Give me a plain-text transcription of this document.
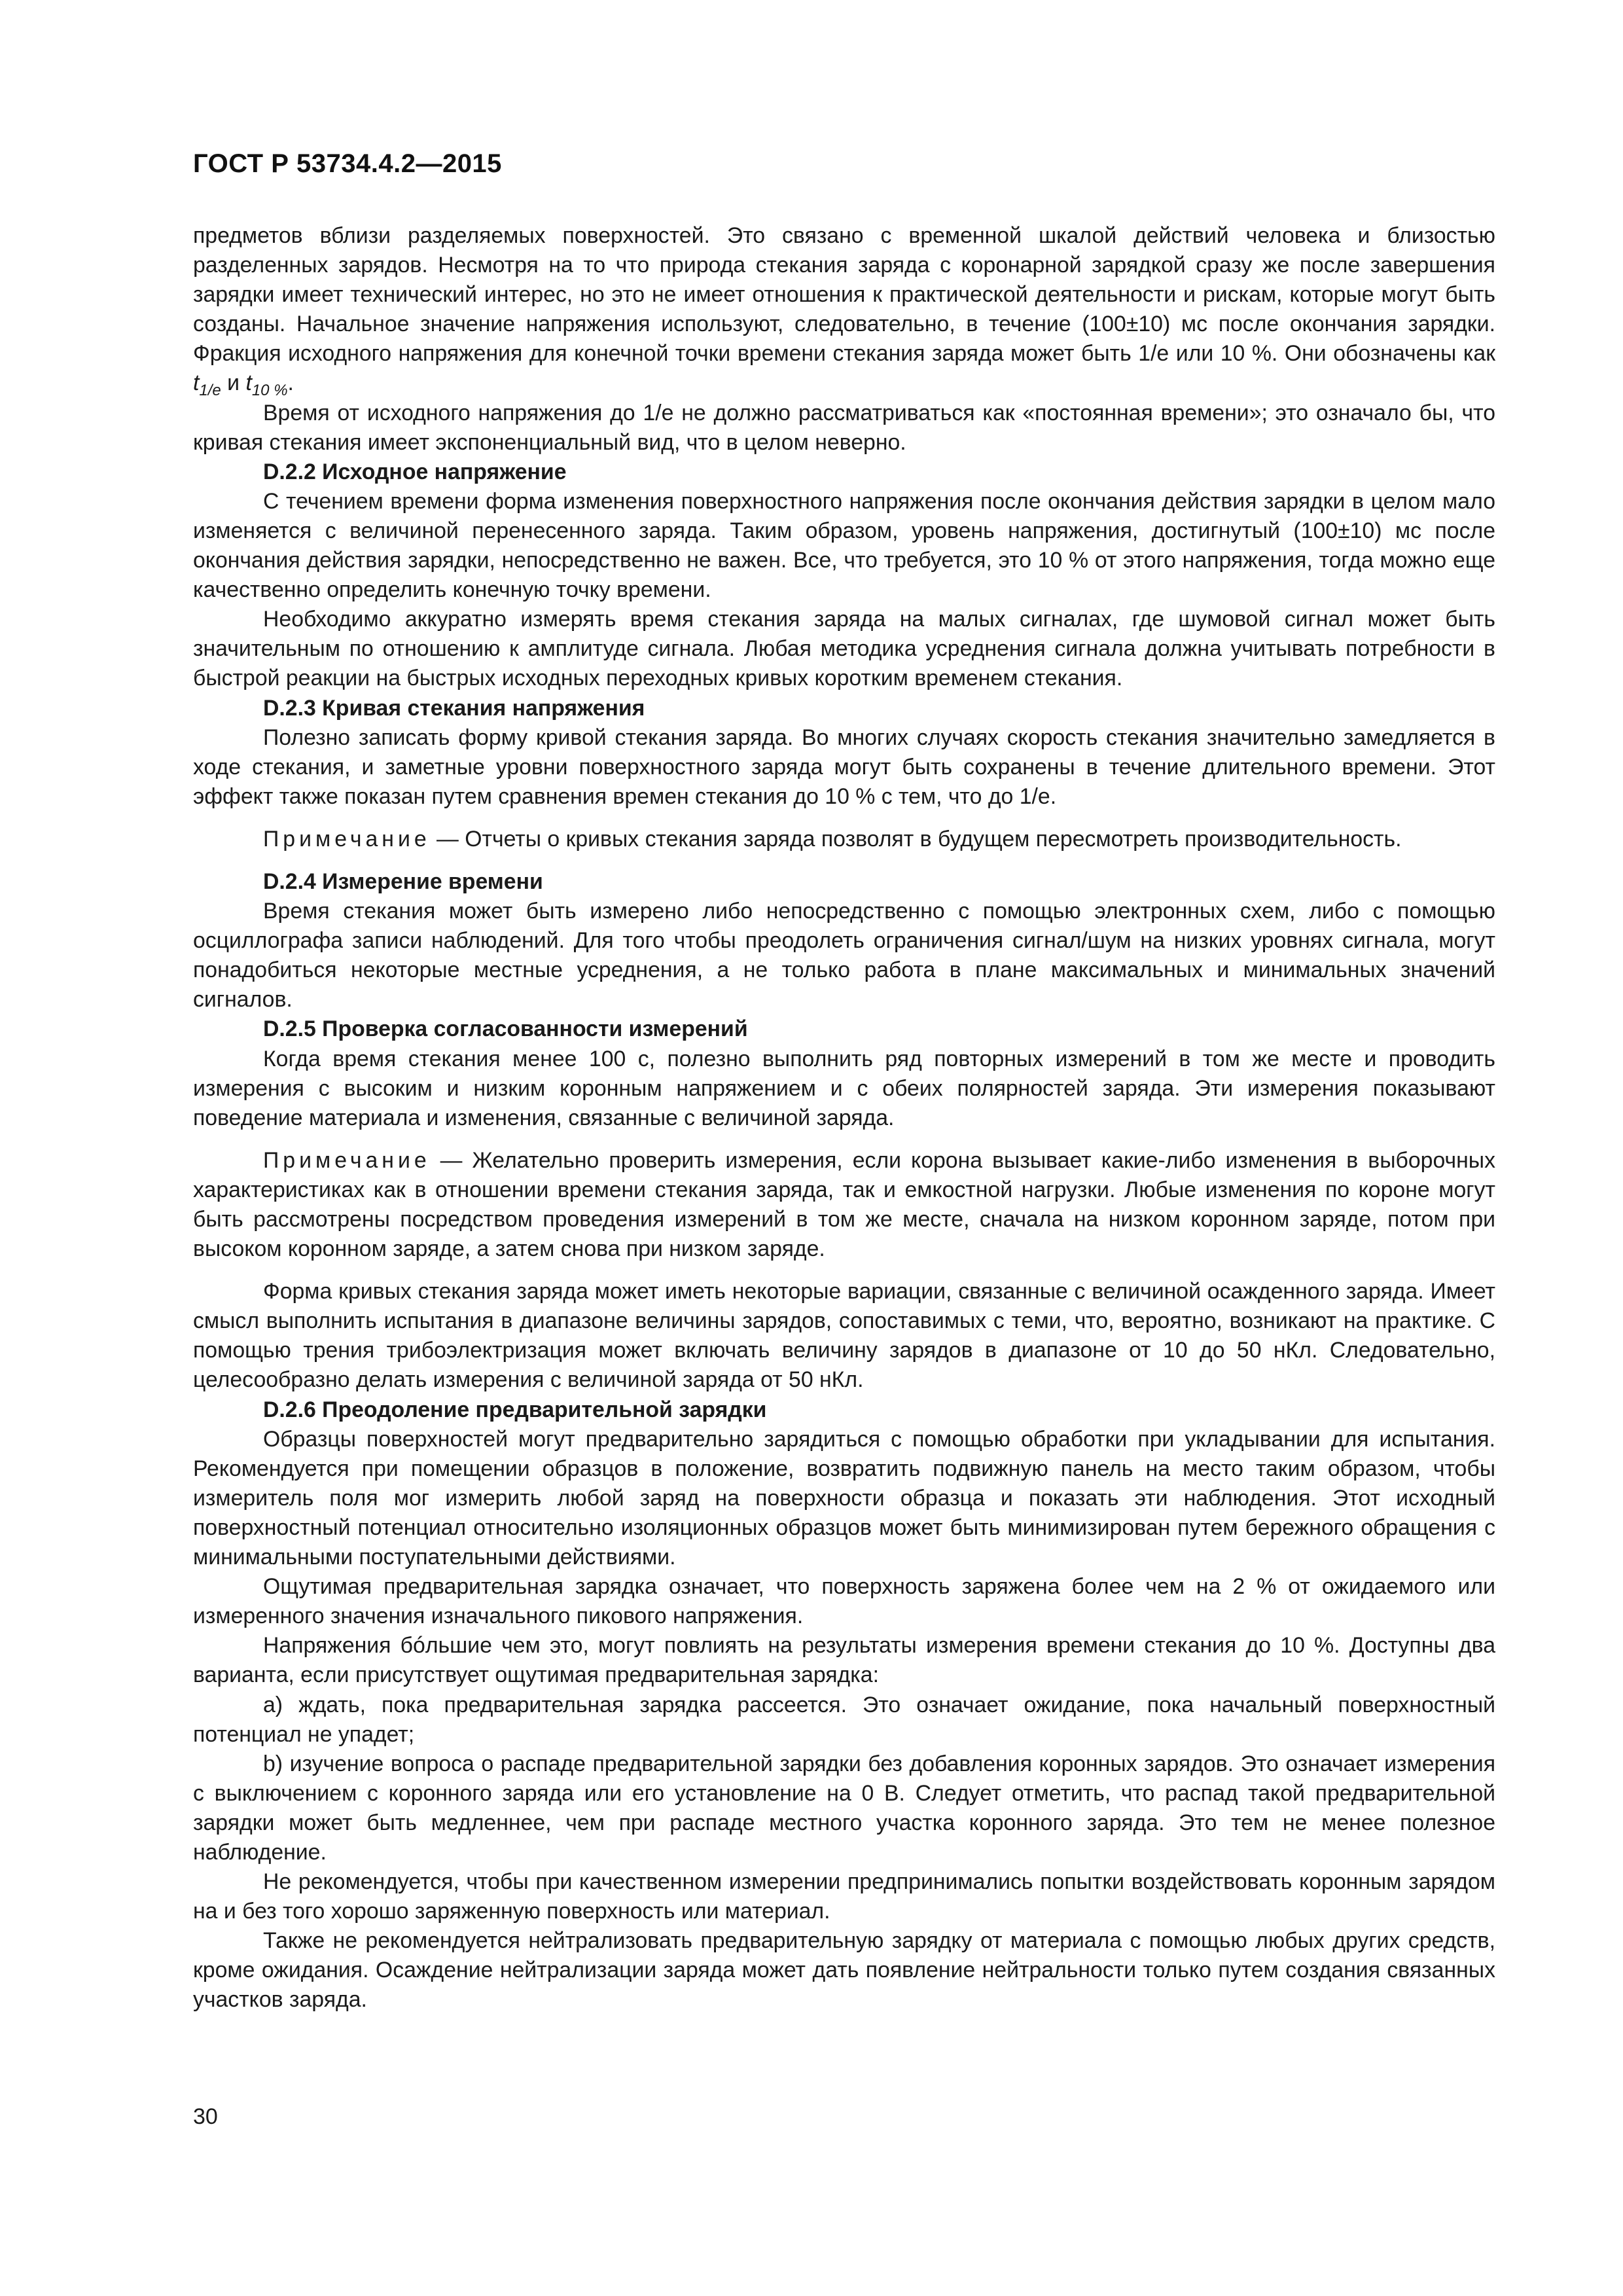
ГОСТ Р 53734.4.2—2015

предметов вблизи разделяемых поверхностей. Это связано с временной шкалой действий человека и близостью разделенных зарядов. Несмотря на то что природа стекания заряда с коронарной зарядкой сразу же после завершения зарядки имеет технический интерес, но это не имеет отношения к практической деятельности и рискам, которые могут быть созданы. Начальное значение напряжения используют, следовательно, в течение (100±10) мс после окончания зарядки. Фракция исходного напряжения для конечной точки времени стекания заряда может быть 1/е или 10 %. Они обозначены как $t_{1/e}$ и $t_{10 \%}$.

Время от исходного напряжения до 1/е не должно рассматриваться как «постоянная времени»; это означало бы, что кривая стекания имеет экспоненциальный вид, что в целом неверно.

D.2.2 Исходное напряжение

С течением времени форма изменения поверхностного напряжения после окончания действия зарядки в целом мало изменяется с величиной перенесенного заряда. Таким образом, уровень напряжения, достигнутый (100±10) мс после окончания действия зарядки, непосредственно не важен. Все, что требуется, это 10 % от этого напряжения, тогда можно еще качественно определить конечную точку времени.

Необходимо аккуратно измерять время стекания заряда на малых сигналах, где шумовой сигнал может быть значительным по отношению к амплитуде сигнала. Любая методика усреднения сигнала должна учитывать потребности в быстрой реакции на быстрых исходных переходных кривых коротким временем стекания.

D.2.3 Кривая стекания напряжения

Полезно записать форму кривой стекания заряда. Во многих случаях скорость стекания значительно замедляется в ходе стекания, и заметные уровни поверхностного заряда могут быть сохранены в течение длительного времени. Этот эффект также показан путем сравнения времен стекания до 10 % с тем, что до 1/е.

Примечание — Отчеты о кривых стекания заряда позволят в будущем пересмотреть производительность.

D.2.4 Измерение времени

Время стекания может быть измерено либо непосредственно с помощью электронных схем, либо с помощью осциллографа записи наблюдений. Для того чтобы преодолеть ограничения сигнал/шум на низких уровнях сигнала, могут понадобиться некоторые местные усреднения, а не только работа в плане максимальных и минимальных значений сигналов.

D.2.5 Проверка согласованности измерений

Когда время стекания менее 100 с, полезно выполнить ряд повторных измерений в том же месте и проводить измерения с высоким и низким коронным напряжением и с обеих полярностей заряда. Эти измерения показывают поведение материала и изменения, связанные с величиной заряда.

Примечание — Желательно проверить измерения, если корона вызывает какие-либо изменения в выборочных характеристиках как в отношении времени стекания заряда, так и емкостной нагрузки. Любые изменения по короне могут быть рассмотрены посредством проведения измерений в том же месте, сначала на низком коронном заряде, потом при высоком коронном заряде, а затем снова при низком заряде.

Форма кривых стекания заряда может иметь некоторые вариации, связанные с величиной осажденного заряда. Имеет смысл выполнить испытания в диапазоне величины зарядов, сопоставимых с теми, что, вероятно, возникают на практике. С помощью трения трибоэлектризация может включать величину зарядов в диапазоне от 10 до 50 нКл. Следовательно, целесообразно делать измерения с величиной заряда от 50 нКл.

D.2.6 Преодоление предварительной зарядки

Образцы поверхностей могут предварительно зарядиться с помощью обработки при укладывании для испытания. Рекомендуется при помещении образцов в положение, возвратить подвижную панель на место таким образом, чтобы измеритель поля мог измерить любой заряд на поверхности образца и показать эти наблюдения. Этот исходный поверхностный потенциал относительно изоляционных образцов может быть минимизирован путем бережного обращения с минимальными поступательными действиями.

Ощутимая предварительная зарядка означает, что поверхность заряжена более чем на 2 % от ожидаемого или измеренного значения изначального пикового напряжения.

Напряжения бóльшие чем это, могут повлиять на результаты измерения времени стекания до 10 %. Доступны два варианта, если присутствует ощутимая предварительная зарядка:

а) ждать, пока предварительная зарядка рассеется. Это означает ожидание, пока начальный поверхностный потенциал не упадет;

b) изучение вопроса о распаде предварительной зарядки без добавления коронных зарядов. Это означает измерения с выключением с коронного заряда или его установление на 0 В. Следует отметить, что распад такой предварительной зарядки может быть медленнее, чем при распаде местного участка коронного заряда. Это тем не менее полезное наблюдение.

Не рекомендуется, чтобы при качественном измерении предпринимались попытки воздействовать коронным зарядом на и без того хорошо заряженную поверхность или материал.

Также не рекомендуется нейтрализовать предварительную зарядку от материала с помощью любых других средств, кроме ожидания. Осаждение нейтрализации заряда может дать появление нейтральности только путем создания связанных участков заряда.

30
